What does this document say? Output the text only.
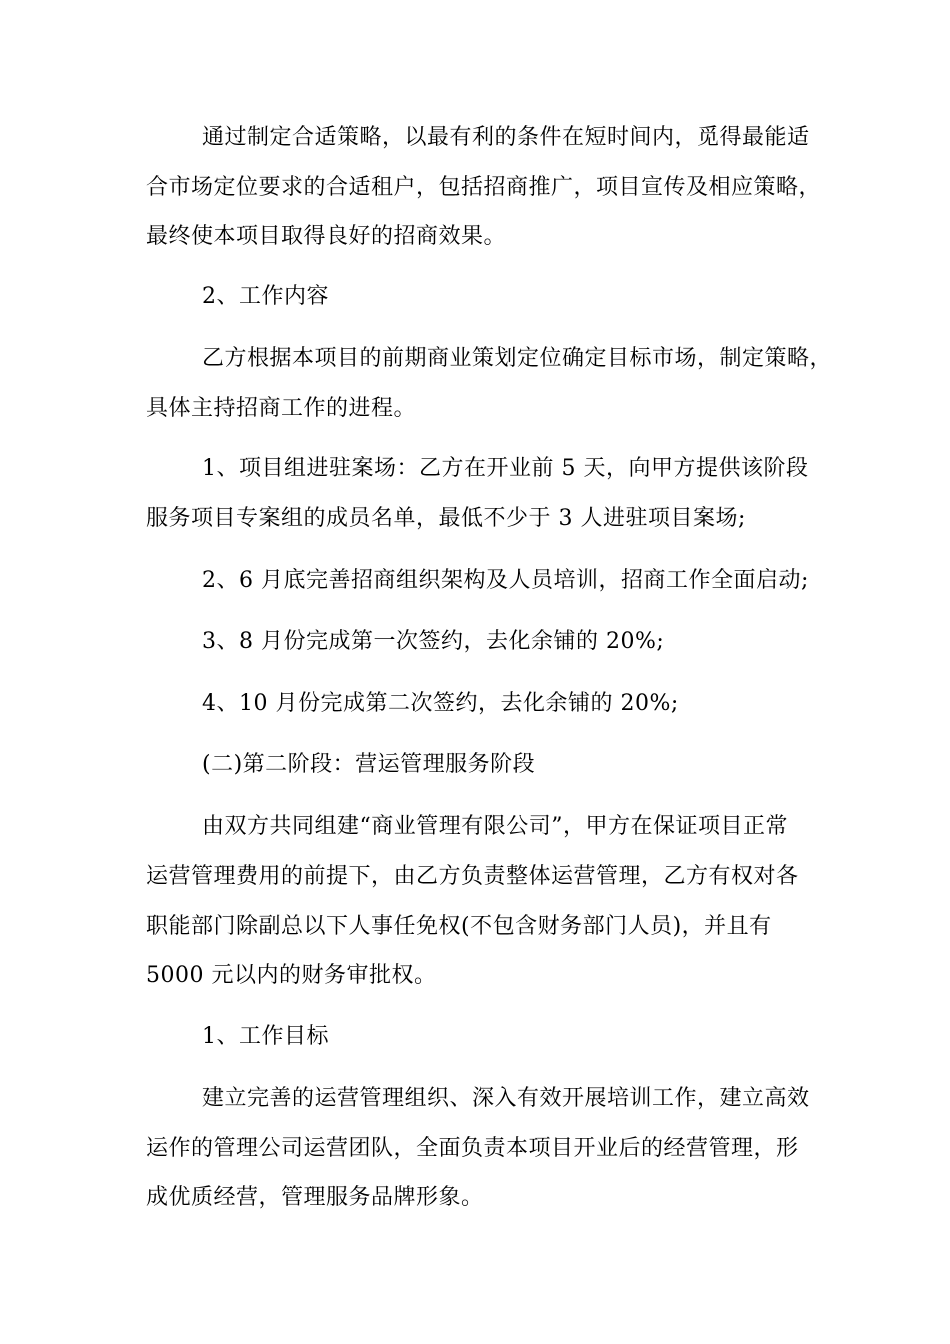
通过制定合适策略，以最有利的条件在短时间内，觅得最能适
合市场定位要求的合适租户，包括招商推广，项目宣传及相应策略，
最终使本项目取得良好的招商效果。
2、工作内容
乙方根据本项目的前期商业策划定位确定目标市场，制定策略，
具体主持招商工作的进程。
1、项目组进驻案场：乙方在开业前 5 天，向甲方提供该阶段
服务项目专案组的成员名单，最低不少于 3 人进驻项目案场;
2、6 月底完善招商组织架构及人员培训，招商工作全面启动;
3、8 月份完成第一次签约，去化余铺的 20%;
4、10 月份完成第二次签约，去化余铺的 20%;
(二)第二阶段：营运管理服务阶段
由双方共同组建“商业管理有限公司”，甲方在保证项目正常
运营管理费用的前提下，由乙方负责整体运营管理，乙方有权对各
职能部门除副总以下人事任免权(不包含财务部门人员)，并且有
5000 元以内的财务审批权。
1、工作目标
建立完善的运营管理组织、深入有效开展培训工作，建立高效
运作的管理公司运营团队，全面负责本项目开业后的经营管理，形
成优质经营，管理服务品牌形象。
